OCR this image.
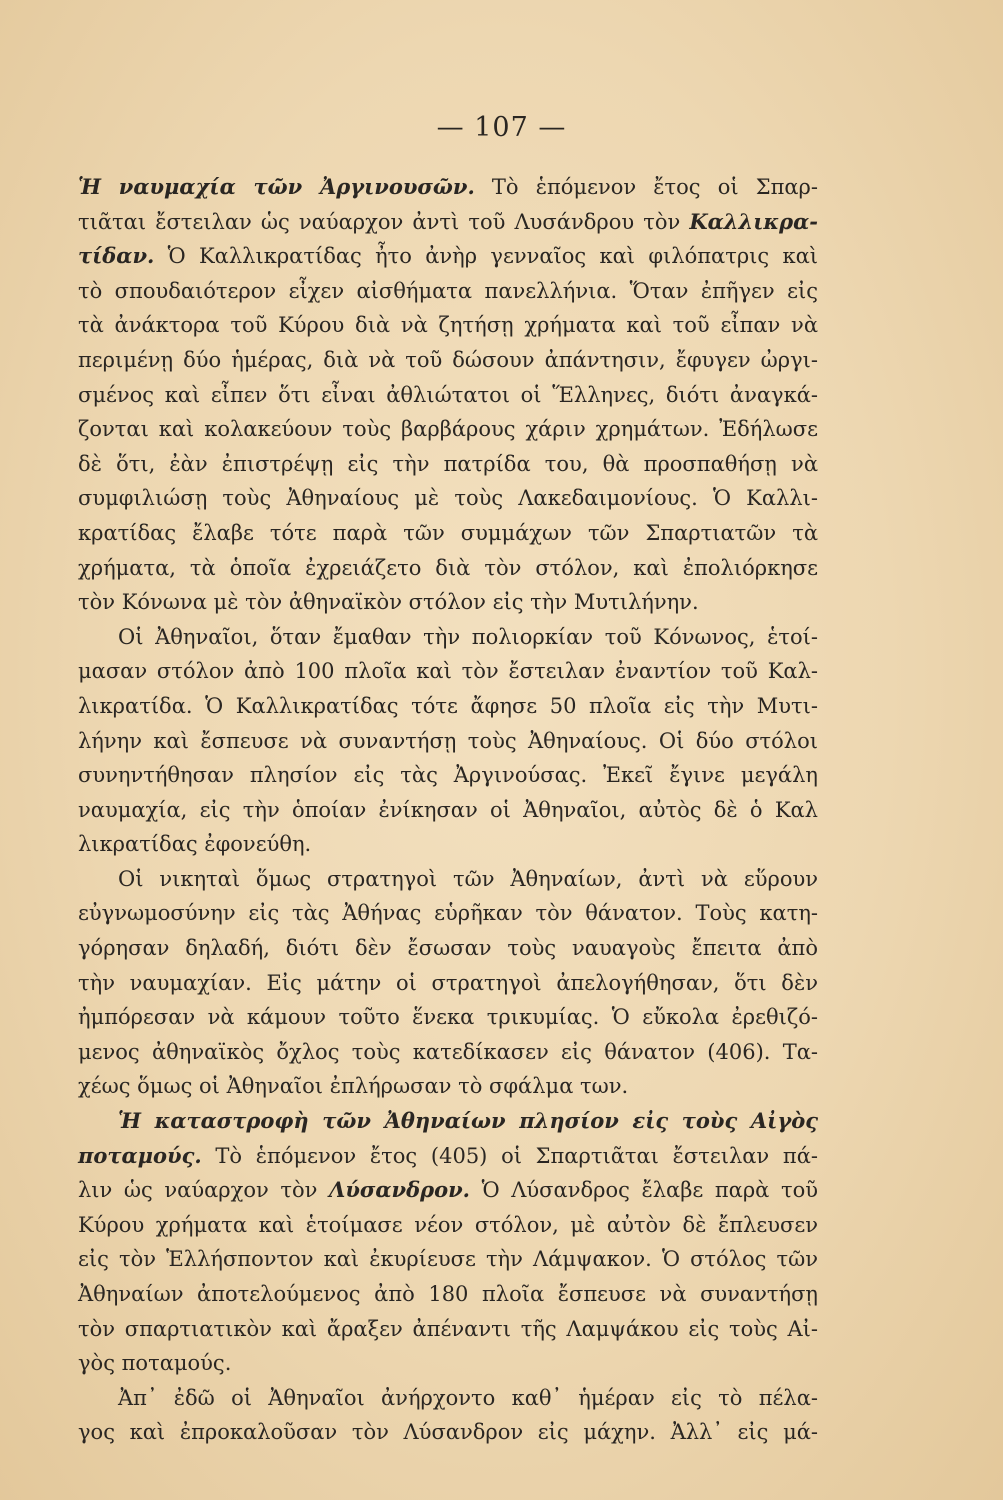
— 107 —
Ἡ ναυμαχία τῶν Ἀργινουσῶν. Τὸ ἑπόμενον ἔτος οἱ Σπαρ-
τιᾶται ἔστειλαν ὡς ναύαρχον ἀντὶ τοῦ Λυσάνδρου τὸν Καλλικρα-
τίδαν. Ὁ Καλλικρατίδας ἦτο ἀνὴρ γενναῖος καὶ φιλόπατρις καὶ
τὸ σπουδαιότερον εἶχεν αἰσθήματα πανελλήνια. Ὅταν ἐπῆγεν εἰς
τὰ ἀνάκτορα τοῦ Κύρου διὰ νὰ ζητήσῃ χρήματα καὶ τοῦ εἶπαν νὰ
περιμένῃ δύο ἡμέρας, διὰ νὰ τοῦ δώσουν ἀπάντησιν, ἔφυγεν ὠργι-
σμένος καὶ εἶπεν ὅτι εἶναι ἀθλιώτατοι οἱ Ἕλληνες, διότι ἀναγκά-
ζονται καὶ κολακεύουν τοὺς βαρβάρους χάριν χρημάτων. Ἐδήλωσε
δὲ ὅτι, ἐὰν ἐπιστρέψῃ εἰς τὴν πατρίδα του, θὰ προσπαθήσῃ νὰ
συμφιλιώσῃ τοὺς Ἀθηναίους μὲ τοὺς Λακεδαιμονίους. Ὁ Καλλι-
κρατίδας ἔλαβε τότε παρὰ τῶν συμμάχων τῶν Σπαρτιατῶν τὰ
χρήματα, τὰ ὁποῖα ἐχρειάζετο διὰ τὸν στόλον, καὶ ἐπολιόρκησε
τὸν Κόνωνα μὲ τὸν ἀθηναϊκὸν στόλον εἰς τὴν Μυτιλήνην.
Οἱ Ἀθηναῖοι, ὅταν ἔμαθαν τὴν πολιορκίαν τοῦ Κόνωνος, ἑτοί-
μασαν στόλον ἀπὸ 100 πλοῖα καὶ τὸν ἔστειλαν ἐναντίον τοῦ Καλ-
λικρατίδα. Ὁ Καλλικρατίδας τότε ἄφησε 50 πλοῖα εἰς τὴν Μυτι-
λήνην καὶ ἔσπευσε νὰ συναντήσῃ τοὺς Ἀθηναίους. Οἱ δύο στόλοι
συνηντήθησαν πλησίον εἰς τὰς Ἀργινούσας. Ἐκεῖ ἔγινε μεγάλη
ναυμαχία, εἰς τὴν ὁποίαν ἐνίκησαν οἱ Ἀθηναῖοι, αὐτὸς δὲ ὁ Καλ
λικρατίδας ἐφονεύθη.
Οἱ νικηταὶ ὅμως στρατηγοὶ τῶν Ἀθηναίων, ἀντὶ νὰ εὕρουν
εὐγνωμοσύνην εἰς τὰς Ἀθήνας εὑρῆκαν τὸν θάνατον. Τοὺς κατη-
γόρησαν δηλαδή, διότι δὲν ἔσωσαν τοὺς ναυαγοὺς ἔπειτα ἀπὸ
τὴν ναυμαχίαν. Εἰς μάτην οἱ στρατηγοὶ ἀπελογήθησαν, ὅτι δὲν
ἠμπόρεσαν νὰ κάμουν τοῦτο ἕνεκα τρικυμίας. Ὁ εὔκολα ἐρεθιζό-
μενος ἀθηναϊκὸς ὄχλος τοὺς κατεδίκασεν εἰς θάνατον (406). Τα-
χέως ὅμως οἱ Ἀθηναῖοι ἐπλήρωσαν τὸ σφάλμα των.
Ἡ καταστροφὴ τῶν Ἀθηναίων πλησίον εἰς τοὺς Αἰγὸς
ποταμούς. Τὸ ἑπόμενον ἔτος (405) οἱ Σπαρτιᾶται ἔστειλαν πά-
λιν ὡς ναύαρχον τὸν Λύσανδρον. Ὁ Λύσανδρος ἔλαβε παρὰ τοῦ
Κύρου χρήματα καὶ ἑτοίμασε νέον στόλον, μὲ αὐτὸν δὲ ἔπλευσεν
εἰς τὸν Ἑλλήσποντον καὶ ἐκυρίευσε τὴν Λάμψακον. Ὁ στόλος τῶν
Ἀθηναίων ἀποτελούμενος ἀπὸ 180 πλοῖα ἔσπευσε νὰ συναντήσῃ
τὸν σπαρτιατικὸν καὶ ἄραξεν ἀπέναντι τῆς Λαμψάκου εἰς τοὺς Αἰ-
γὸς ποταμούς.
Ἀπ᾽ ἐδῶ οἱ Ἀθηναῖοι ἀνήρχοντο καθ᾽ ἡμέραν εἰς τὸ πέλα-
γος καὶ ἐπροκαλοῦσαν τὸν Λύσανδρον εἰς μάχην. Ἀλλ᾽ εἰς μά-
